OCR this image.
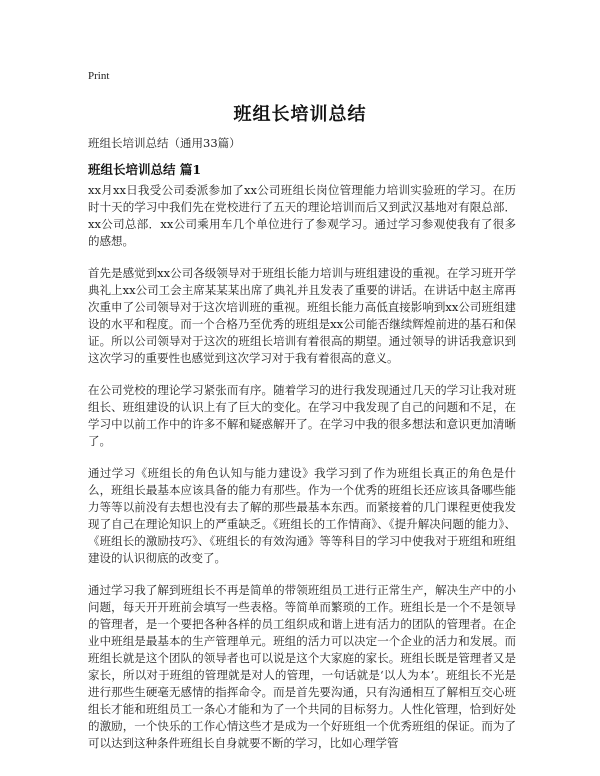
Print
班组长培训总结
班组长培训总结（通用33篇）
班组长培训总结 篇1

xx月xx日我受公司委派参加了xx公司班组长岗位管理能力培训实验班的学习。在历时十天的学习中我们先在党校进行了五天的理论培训而后又到武汉基地对有限总部．xx公司总部．xx公司乘用车几个单位进行了参观学习。通过学习参观使我有了很多的感想。

首先是感觉到xx公司各级领导对于班组长能力培训与班组建设的重视。在学习班开学典礼上xx公司工会主席某某某出席了典礼并且发表了重要的讲话。在讲话中赵主席再次重申了公司领导对于这次培训班的重视。班组长能力高低直接影响到xx公司班组建设的水平和程度。而一个合格乃至优秀的班组是xx公司能否继续辉煌前进的基石和保证。所以公司领导对于这次的班组长培训有着很高的期望。通过领导的讲话我意识到这次学习的重要性也感觉到这次学习对于我有着很高的意义。

在公司党校的理论学习紧张而有序。随着学习的进行我发现通过几天的学习让我对班组长、班组建设的认识上有了巨大的变化。在学习中我发现了自己的问题和不足，在学习中以前工作中的许多不解和疑惑解开了。在学习中我的很多想法和意识更加清晰了。

通过学习《班组长的角色认知与能力建设》我学习到了作为班组长真正的角色是什么，班组长最基本应该具备的能力有那些。作为一个优秀的班组长还应该具备哪些能力等等以前没有去想也没有去了解的那些最基本东西。而紧接着的几门课程更使我发现了自己在理论知识上的严重缺乏。《班组长的工作情商》、《提升解决问题的能力》、《班组长的激励技巧》、《班组长的有效沟通》等等科目的学习中使我对于班组和班组建设的认识彻底的改变了。

通过学习我了解到班组长不再是简单的带领班组员工进行正常生产，解决生产中的小问题，每天开开班前会填写一些表格。等简单而繁琐的工作。班组长是一个不是领导的管理者，是一个要把各种各样的员工组织成和谐上进有活力的团队的管理者。在企业中班组是最基本的生产管理单元。班组的活力可以决定一个企业的活力和发展。而班组长就是这个团队的领导者也可以说是这个大家庭的家长。班组长既是管理者又是家长，所以对于班组的管理就是对人的管理，一句话就是‘以人为本’。班组长不光是进行那些生硬毫无感情的指挥命令。而是首先要沟通，只有沟通相互了解相互交心班组长才能和班组员工一条心才能和为了一个共同的目标努力。人性化管理，恰到好处的激励，一个快乐的工作心情这些才是成为一个好班组一个优秀班组的保证。而为了可以达到这种条件班组长自身就要不断的学习，比如心理学管
